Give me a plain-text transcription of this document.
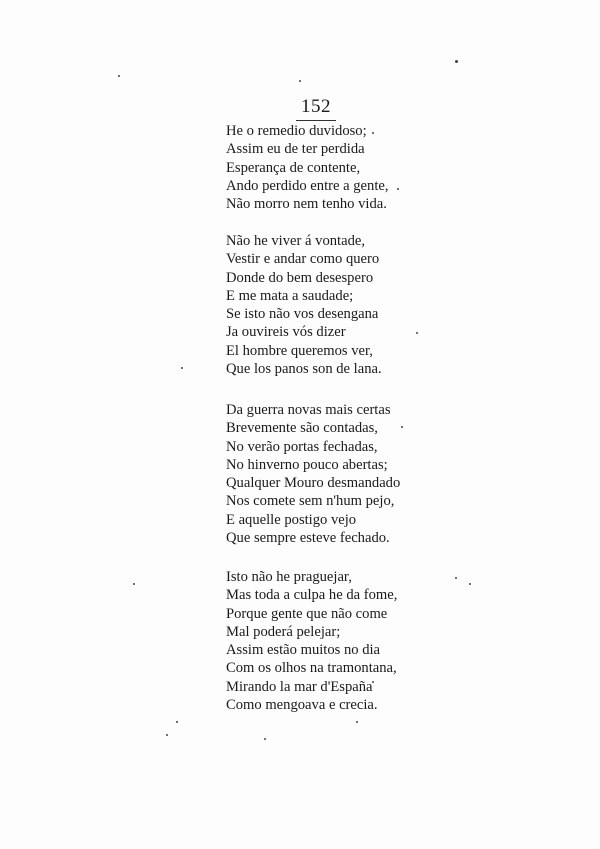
152
He o remedio duvidoso;
Assim eu de ter perdida
Esperança de contente,
Ando perdido entre a gente,
Não morro nem tenho vida.
Não he viver á vontade,
Vestir e andar como quero
Donde do bem desespero
E me mata a saudade;
Se isto não vos desengana
Ja ouvireis vós dizer
El hombre queremos ver,
Que los panos son de lana.
Da guerra novas mais certas
Brevemente são contadas,
No verão portas fechadas,
No hinverno pouco abertas;
Qualquer Mouro desmandado
Nos comete sem n'hum pejo,
E aquelle postigo vejo
Que sempre esteve fechado.
Isto não he praguejar,
Mas toda a culpa he da fome,
Porque gente que não come
Mal poderá pelejar;
Assim estão muitos no dia
Com os olhos na tramontana,
Mirando la mar d'España
Como mengoava e crecia.
